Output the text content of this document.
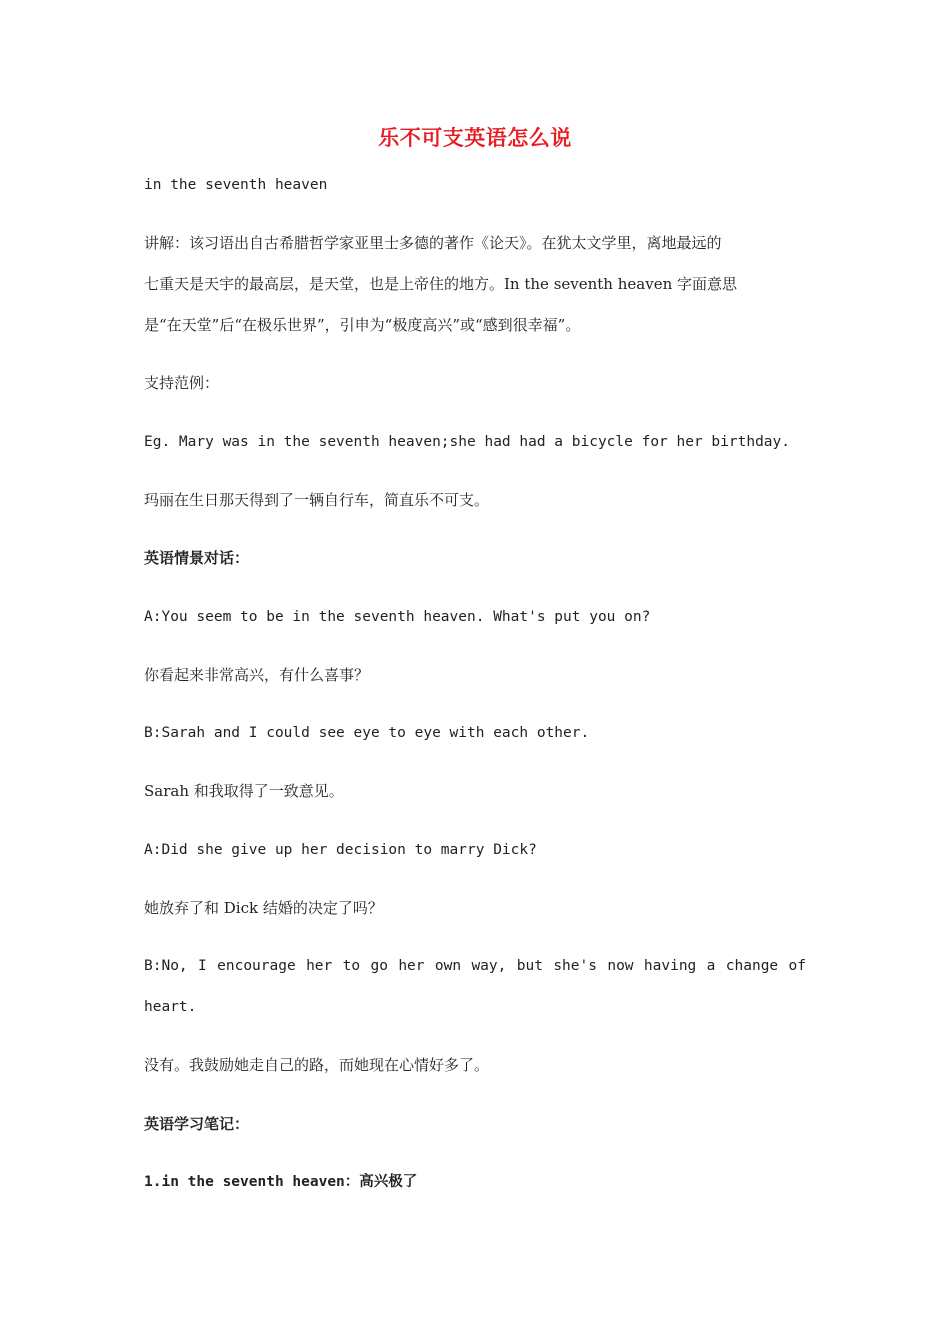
乐不可支英语怎么说
in the seventh heaven
讲解：该习语出自古希腊哲学家亚里士多德的著作《论天》。在犹太文学里，离地最远的
七重天是天宇的最高层，是天堂，也是上帝住的地方。In the seventh heaven 字面意思
是“在天堂”后“在极乐世界”，引申为“极度高兴”或“感到很幸福”。
支持范例：
Eg. Mary was in the seventh heaven;she had had a bicycle for her birthday.
玛丽在生日那天得到了一辆自行车，简直乐不可支。
英语情景对话：
A:You seem to be in the seventh heaven. What's put you on?
你看起来非常高兴，有什么喜事？
B:Sarah and I could see eye to eye with each other.
Sarah 和我取得了一致意见。
A:Did she give up her decision to marry Dick?
她放弃了和 Dick 结婚的决定了吗？
B:No, I encourage her to go her own way, but she's now having a change of
heart.
没有。我鼓励她走自己的路，而她现在心情好多了。
英语学习笔记：
1.in the seventh heaven：高兴极了
